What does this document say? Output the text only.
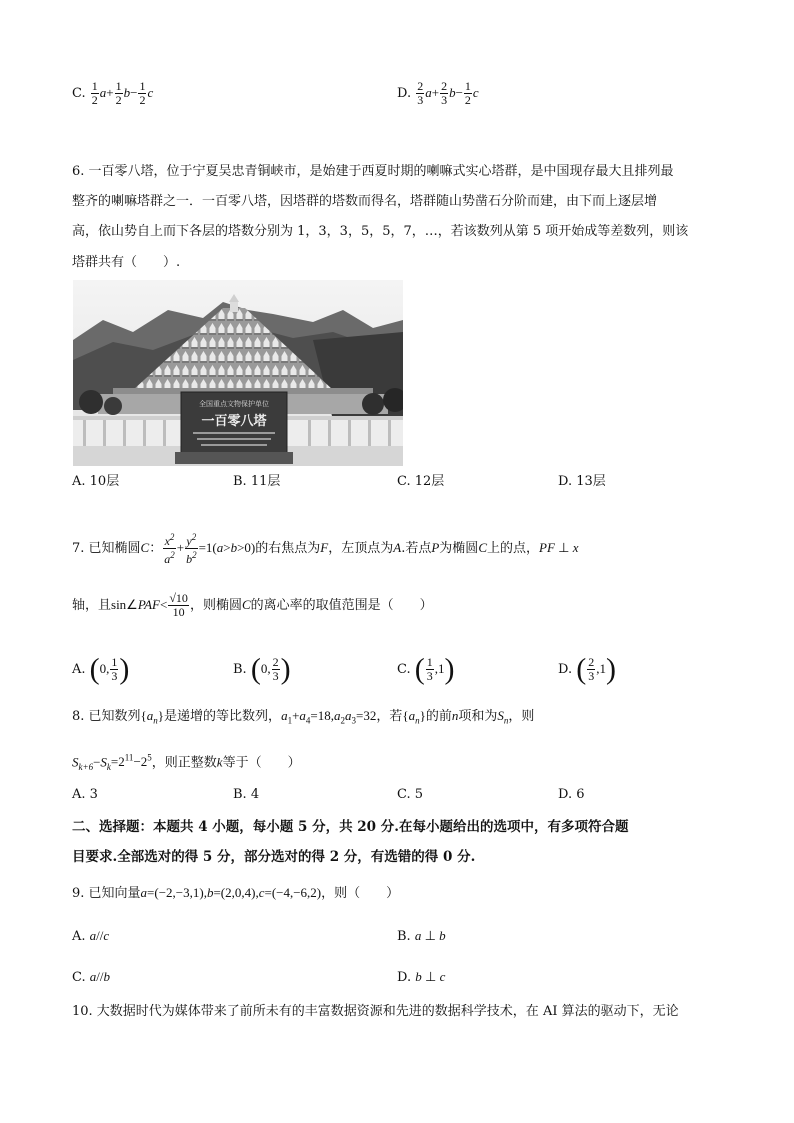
C. $\frac{1}{2} a+ \frac{1}{2} b- \frac{1}{2}$ c	D. $\frac{2}{3} a+ \frac{2}{3} b- \frac{1}{2}$ c
6. 一百零八塔，位于宁夏吴忠青铜峡市，是始建于西夏时期的喇嘛式实心塔群，是中国现存最大且排列最
整齐的喇嘛塔群之一．一百零八塔，因塔群的塔数而得名，塔群随山势凿石分阶而建，由下而上逐层增
高，依山势自上而下各层的塔数分别为 1，3，3，5，5，7，…，若该数列从第 5 项开始成等差数列，则该
塔群共有（　　）.
全国重点文物保护单位
一百零八塔
A. 10层	B. 11层	C. 12层	D. 13层
7. 已知椭圆C： $\frac{x^2}{a^2} + \frac{y^2}{b^2} =1(a>b>0)$的右焦点为F，左顶点为A.若点P为椭圆C上的点，PF ⊥ x
轴，且sin∠PAF< $\frac{√10}{10}$ ，则椭圆C的离心率的取值范围是（　　）
A. (0, $\frac{1}{3}$ )	B. (0, $\frac{2}{3}$ )	C. ( $\frac{1}{3} ,1$)	D. ( $\frac{2}{3} ,1$)
8. 已知数列$\{a_n\}$是递增的等比数列，$a_1+a_4=18,a_2a_3=32$，若$\{a_n\}$的前n项和为$S_n$，则
$S_{k+6}-S_k=2^{11}-2^5$，则正整数k等于（　　）
A. 3	B. 4	C. 5	D. 6
二、选择题：本题共 4 小题，每小题 5 分，共 20 分.在每小题给出的选项中，有多项符合题
目要求.全部选对的得 5 分，部分选对的得 2 分，有选错的得 0 分.
9. 已知向量a=(−2,−3,1),b=(2,0,4),c=(−4,−6,2)，则（　　）
A. a//c	B. a ⊥ b
C. a//b	D. b ⊥ c
10. 大数据时代为媒体带来了前所未有的丰富数据资源和先进的数据科学技术，在 AI 算法的驱动下，无论
